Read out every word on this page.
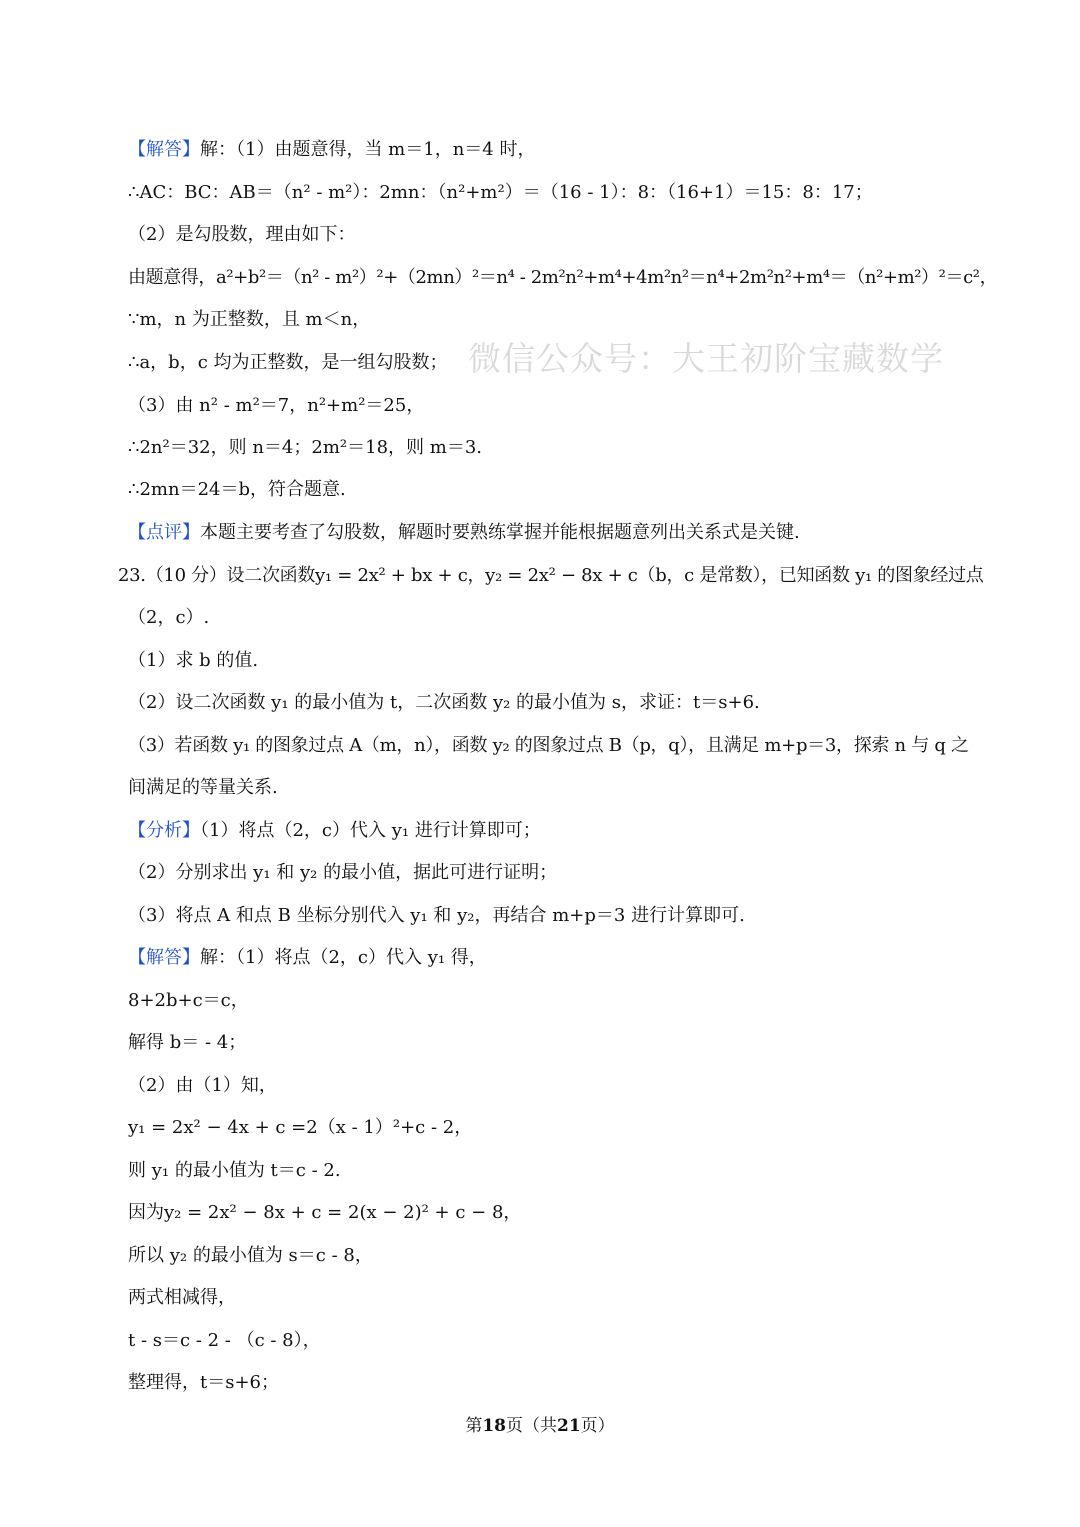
【解答】解：（1）由题意得，当 m＝1，n＝4 时，
∴AC：BC：AB＝（n² - m²）：2mn：（n²+m²）＝（16 - 1）：8：（16+1）＝15：8：17；
（2）是勾股数，理由如下：
由题意得，a²+b²＝（n² - m²）²+（2mn）²＝n⁴ - 2m²n²+m⁴+4m²n²＝n⁴+2m²n²+m⁴＝（n²+m²）²＝c²，
∵m，n 为正整数，且 m＜n，
∴a，b，c 均为正整数，是一组勾股数；
（3）由 n² - m²＝7，n²+m²＝25，
∴2n²＝32，则 n＝4；2m²＝18，则 m＝3.
∴2mn＝24＝b，符合题意.
【点评】本题主要考查了勾股数，解题时要熟练掌握并能根据题意列出关系式是关键.
23.（10 分）设二次函数y₁ = 2x² + bx + c，y₂ = 2x² − 8x + c（b，c 是常数），已知函数 y₁ 的图象经过点
（2，c）.
（1）求 b 的值.
（2）设二次函数 y₁ 的最小值为 t，二次函数 y₂ 的最小值为 s，求证：t＝s+6.
（3）若函数 y₁ 的图象过点 A（m，n），函数 y₂ 的图象过点 B（p，q），且满足 m+p＝3，探索 n 与 q 之
间满足的等量关系.
【分析】（1）将点（2，c）代入 y₁ 进行计算即可；
（2）分别求出 y₁ 和 y₂ 的最小值，据此可进行证明；
（3）将点 A 和点 B 坐标分别代入 y₁ 和 y₂，再结合 m+p＝3 进行计算即可.
【解答】解：（1）将点（2，c）代入 y₁ 得，
8+2b+c＝c，
解得 b＝ - 4；
（2）由（1）知，
y₁ = 2x² − 4x + c =2（x - 1）²+c - 2，
则 y₁ 的最小值为 t＝c - 2.
因为y₂ = 2x² − 8x + c = 2(x − 2)² + c − 8，
所以 y₂ 的最小值为 s＝c - 8，
两式相减得，
t - s＝c - 2 - （c - 8），
整理得，t＝s+6；
微信公众号：大王初阶宝藏数学
第18页（共21页）
